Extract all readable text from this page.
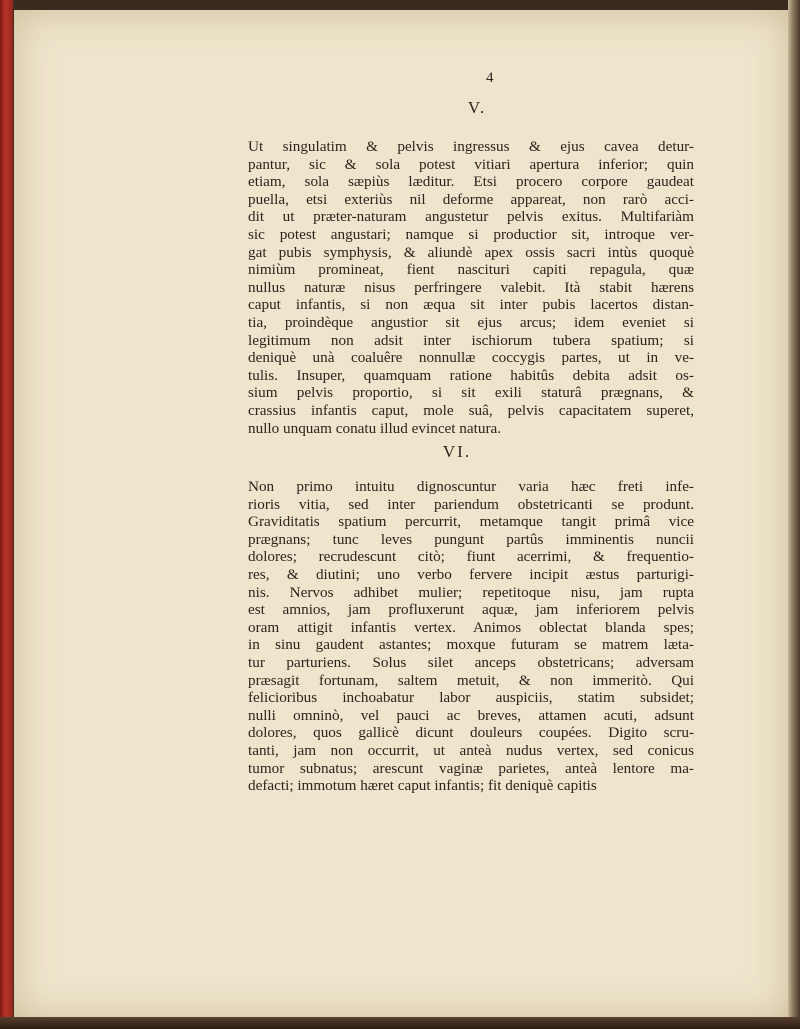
4
V.
Ut singulatim & pelvis ingressus & ejus cavea detur-
pantur, sic & sola potest vitiari apertura inferior; quin
etiam, sola sæpiùs læditur. Etsi procero corpore gaudeat
puella, etsi exteriùs nil deforme appareat, non rarò acci-
dit ut præter-naturam angustetur pelvis exitus. Multifariàm
sic potest angustari; namque si productior sit, introque ver-
gat pubis symphysis, & aliundè apex ossis sacri intùs quoquè
nimiùm promineat, fient nascituri capiti repagula, quæ
nullus naturæ nisus perfringere valebit. Ità stabit hærens
caput infantis, si non æqua sit inter pubis lacertos distan-
tia, proindèque angustior sit ejus arcus; idem eveniet si
legitimum non adsit inter ischiorum tubera spatium; si
deniquè unà coaluêre nonnullæ coccygis partes, ut in ve-
tulis. Insuper, quamquam ratione habitûs debita adsit os-
sium pelvis proportio, si sit exili staturâ prægnans, &
crassius infantis caput, mole suâ, pelvis capacitatem superet,
nullo unquam conatu illud evincet natura.
VI.
Non primo intuitu dignoscuntur varia hæc freti infe-
rioris vitia, sed inter pariendum obstetricanti se produnt.
Graviditatis spatium percurrit, metamque tangit primâ vice
prægnans; tunc leves pungunt partûs imminentis nuncii
dolores; recrudescunt citò; fiunt acerrimi, & frequentio-
res, & diutini; uno verbo fervere incipit æstus parturigi-
nis. Nervos adhibet mulier; repetitoque nisu, jam rupta
est amnios, jam profluxerunt aquæ, jam inferiorem pelvis
oram attigit infantis vertex. Animos oblectat blanda spes;
in sinu gaudent astantes; moxque futuram se matrem læta-
tur parturiens. Solus silet anceps obstetricans; adversam
præsagit fortunam, saltem metuit, & non immeritò. Qui
felicioribus inchoabatur labor auspiciis, statim subsidet;
nulli omninò, vel pauci ac breves, attamen acuti, adsunt
dolores, quos gallicè dicunt douleurs coupées. Digito scru-
tanti, jam non occurrit, ut anteà nudus vertex, sed conicus
tumor subnatus; arescunt vaginæ parietes, anteà lentore ma-
defacti; immotum hæret caput infantis; fit deniquè capitis
